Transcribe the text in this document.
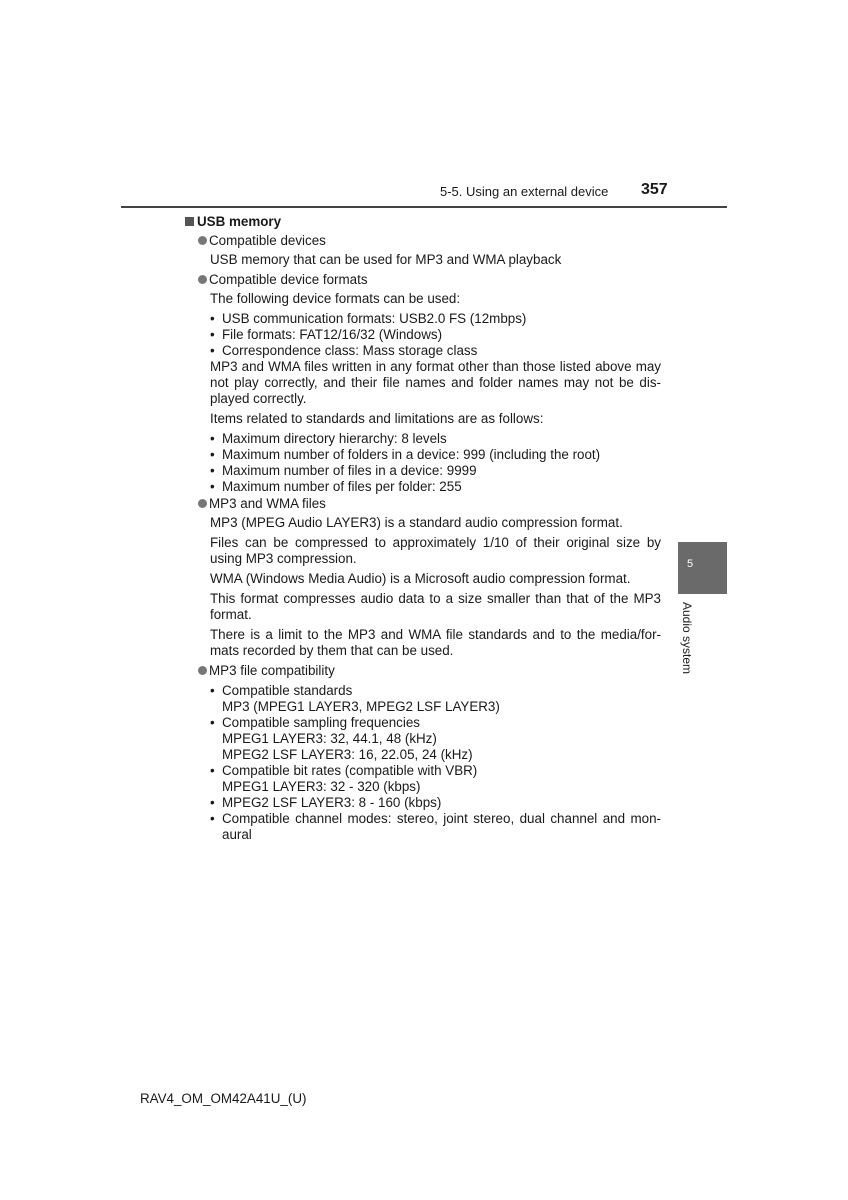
5-5. Using an external device 357
5
Audio system
USB memory
Compatible devices
USB memory that can be used for MP3 and WMA playback
Compatible device formats
The following device formats can be used:
• USB communication formats: USB2.0 FS (12mbps)
• File formats: FAT12/16/32 (Windows)
• Correspondence class: Mass storage class
MP3 and WMA files written in any format other than those listed above may not play correctly, and their file names and folder names may not be dis-played correctly.
Items related to standards and limitations are as follows:
• Maximum directory hierarchy: 8 levels
• Maximum number of folders in a device: 999 (including the root)
• Maximum number of files in a device: 9999
• Maximum number of files per folder: 255
MP3 and WMA files
MP3 (MPEG Audio LAYER3) is a standard audio compression format.
Files can be compressed to approximately 1/10 of their original size by using MP3 compression.
WMA (Windows Media Audio) is a Microsoft audio compression format.
This format compresses audio data to a size smaller than that of the MP3 format.
There is a limit to the MP3 and WMA file standards and to the media/for-mats recorded by them that can be used.
MP3 file compatibility
• Compatible standards
MP3 (MPEG1 LAYER3, MPEG2 LSF LAYER3)
• Compatible sampling frequencies
MPEG1 LAYER3: 32, 44.1, 48 (kHz)
MPEG2 LSF LAYER3: 16, 22.05, 24 (kHz)
• Compatible bit rates (compatible with VBR)
MPEG1 LAYER3: 32 - 320 (kbps)
• MPEG2 LSF LAYER3: 8 - 160 (kbps)
• Compatible channel modes: stereo, joint stereo, dual channel and mon-aural
RAV4_OM_OM42A41U_(U)
